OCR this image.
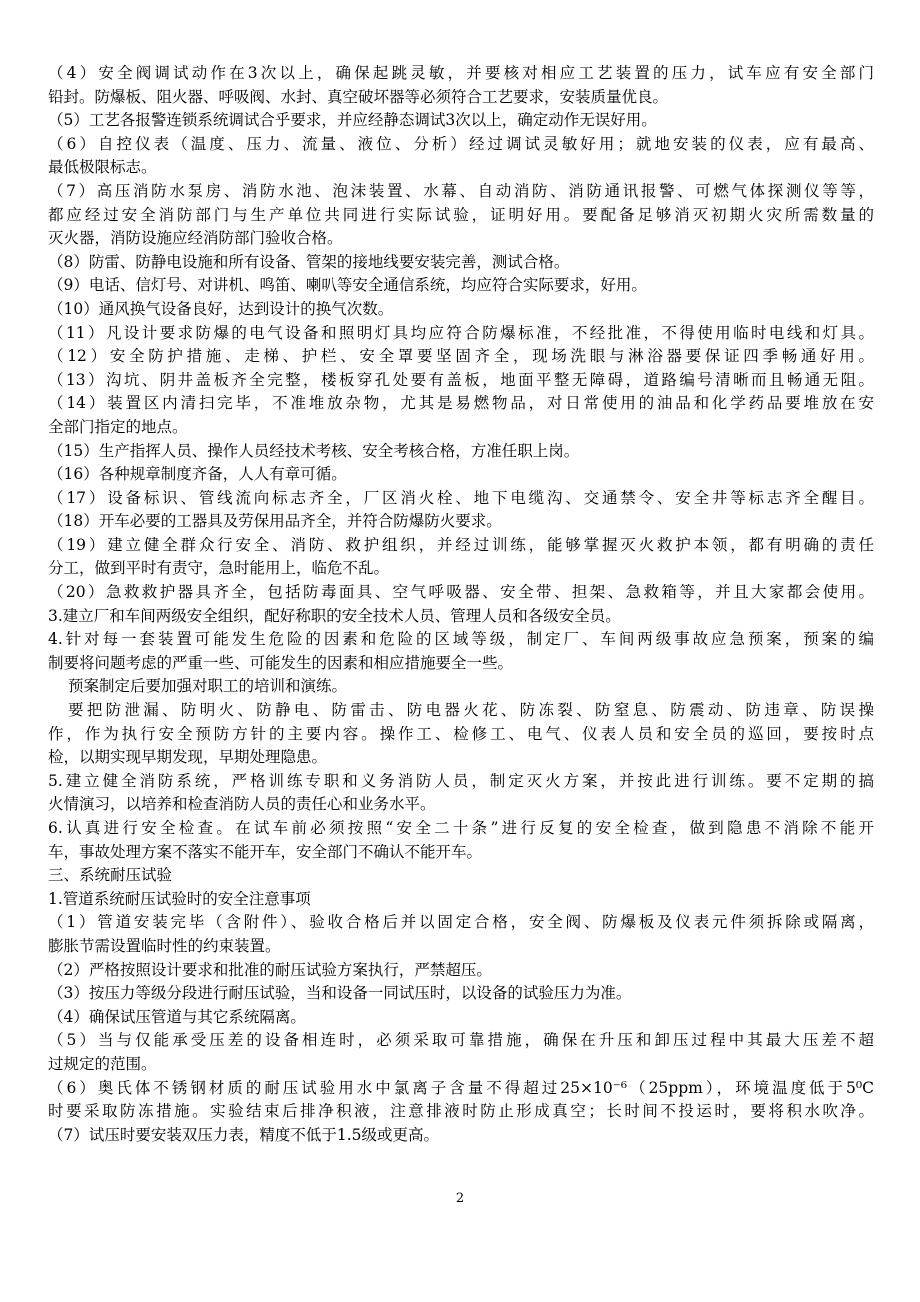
（4）安全阀调试动作在3次以上，确保起跳灵敏，并要核对相应工艺装置的压力，试车应有安全部门
铅封。防爆板、阻火器、呼吸阀、水封、真空破坏器等必须符合工艺要求，安装质量优良。
（5）工艺各报警连锁系统调试合乎要求，并应经静态调试3次以上，确定动作无误好用。
（6）自控仪表（温度、压力、流量、液位、分析）经过调试灵敏好用；就地安装的仪表，应有最高、
最低极限标志。
（7）高压消防水泵房、消防水池、泡沫装置、水幕、自动消防、消防通讯报警、可燃气体探测仪等等，
都应经过安全消防部门与生产单位共同进行实际试验，证明好用。要配备足够消灭初期火灾所需数量的
灭火器，消防设施应经消防部门验收合格。
（8）防雷、防静电设施和所有设备、管架的接地线要安装完善，测试合格。
（9）电话、信灯号、对讲机、鸣笛、喇叭等安全通信系统，均应符合实际要求，好用。
（10）通风换气设备良好，达到设计的换气次数。
（11）凡设计要求防爆的电气设备和照明灯具均应符合防爆标准，不经批准，不得使用临时电线和灯具。
（12）安全防护措施、走梯、护栏、安全罩要坚固齐全，现场洗眼与淋浴器要保证四季畅通好用。
（13）沟坑、阴井盖板齐全完整，楼板穿孔处要有盖板，地面平整无障碍，道路编号清晰而且畅通无阻。
（14）装置区内清扫完毕，不准堆放杂物，尤其是易燃物品，对日常使用的油品和化学药品要堆放在安
全部门指定的地点。
（15）生产指挥人员、操作人员经技术考核、安全考核合格，方准任职上岗。
（16）各种规章制度齐备，人人有章可循。
（17）设备标识、管线流向标志齐全，厂区消火栓、地下电缆沟、交通禁令、安全井等标志齐全醒目。
（18）开车必要的工器具及劳保用品齐全，并符合防爆防火要求。
（19）建立健全群众行安全、消防、救护组织，并经过训练，能够掌握灭火救护本领，都有明确的责任
分工，做到平时有责守，急时能用上，临危不乱。
（20）急救救护器具齐全，包括防毒面具、空气呼吸器、安全带、担架、急救箱等，并且大家都会使用。
3.建立厂和车间两级安全组织，配好称职的安全技术人员、管理人员和各级安全员。
4.针对每一套装置可能发生危险的因素和危险的区域等级，制定厂、车间两级事故应急预案，预案的编
制要将问题考虑的严重一些、可能发生的因素和相应措施要全一些。
预案制定后要加强对职工的培训和演练。
要把防泄漏、防明火、防静电、防雷击、防电器火花、防冻裂、防窒息、防震动、防违章、防误操
作，作为执行安全预防方针的主要内容。操作工、检修工、电气、仪表人员和安全员的巡回，要按时点
检，以期实现早期发现，早期处理隐患。
5.建立健全消防系统，严格训练专职和义务消防人员，制定灭火方案，并按此进行训练。要不定期的搞
火情演习，以培养和检查消防人员的责任心和业务水平。
6.认真进行安全检查。在试车前必须按照“安全二十条”进行反复的安全检查，做到隐患不消除不能开
车，事故处理方案不落实不能开车，安全部门不确认不能开车。
三、系统耐压试验
1.管道系统耐压试验时的安全注意事项
（1）管道安装完毕（含附件）、验收合格后并以固定合格，安全阀、防爆板及仪表元件须拆除或隔离，
膨胀节需设置临时性的约束装置。
（2）严格按照设计要求和批准的耐压试验方案执行，严禁超压。
（3）按压力等级分段进行耐压试验，当和设备一同试压时，以设备的试验压力为准。
（4）确保试压管道与其它系统隔离。
（5）当与仅能承受压差的设备相连时，必须采取可靠措施，确保在升压和卸压过程中其最大压差不超
过规定的范围。
（6）奥氏体不锈钢材质的耐压试验用水中氯离子含量不得超过25×10⁻⁶（25ppm），环境温度低于5⁰C
时要采取防冻措施。实验结束后排净积液，注意排液时防止形成真空；长时间不投运时，要将积水吹净。
（7）试压时要安装双压力表，精度不低于1.5级或更高。
2
